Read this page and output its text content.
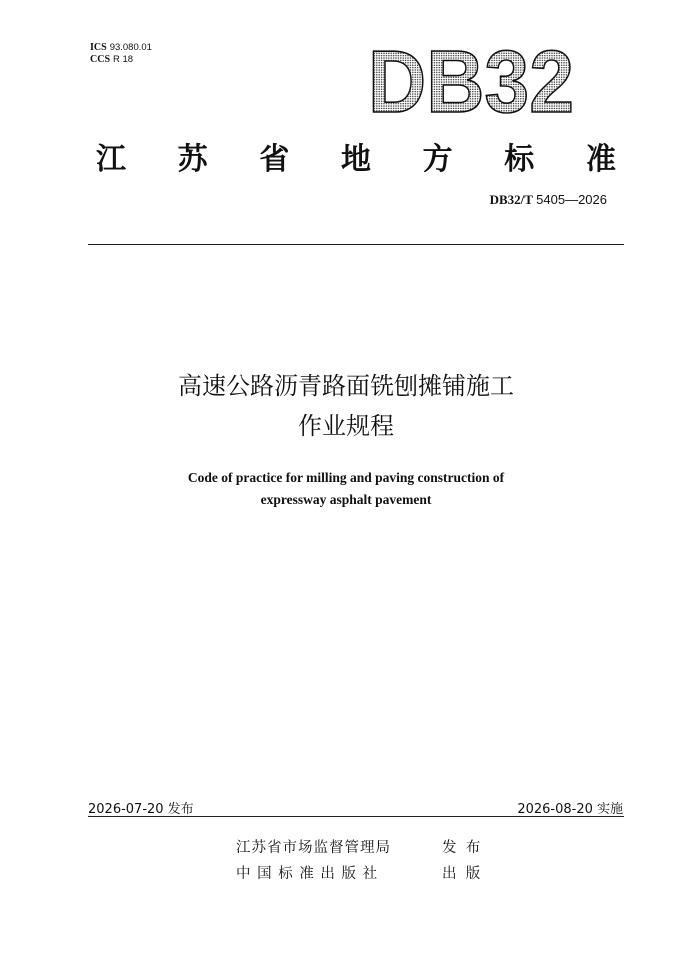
ICS 93.080.01
CCS R 18	DB32
江 苏 省 地 方 标 准
DB32/T 5405—2026
高速公路沥青路面铣刨摊铺施工
作业规程
Code of practice for milling and paving construction of
expressway asphalt pavement
2026-07-20 发布	2026-08-20 实施
江苏省市场监督管理局	发  布
中 国 标 准 出 版 社	出  版
